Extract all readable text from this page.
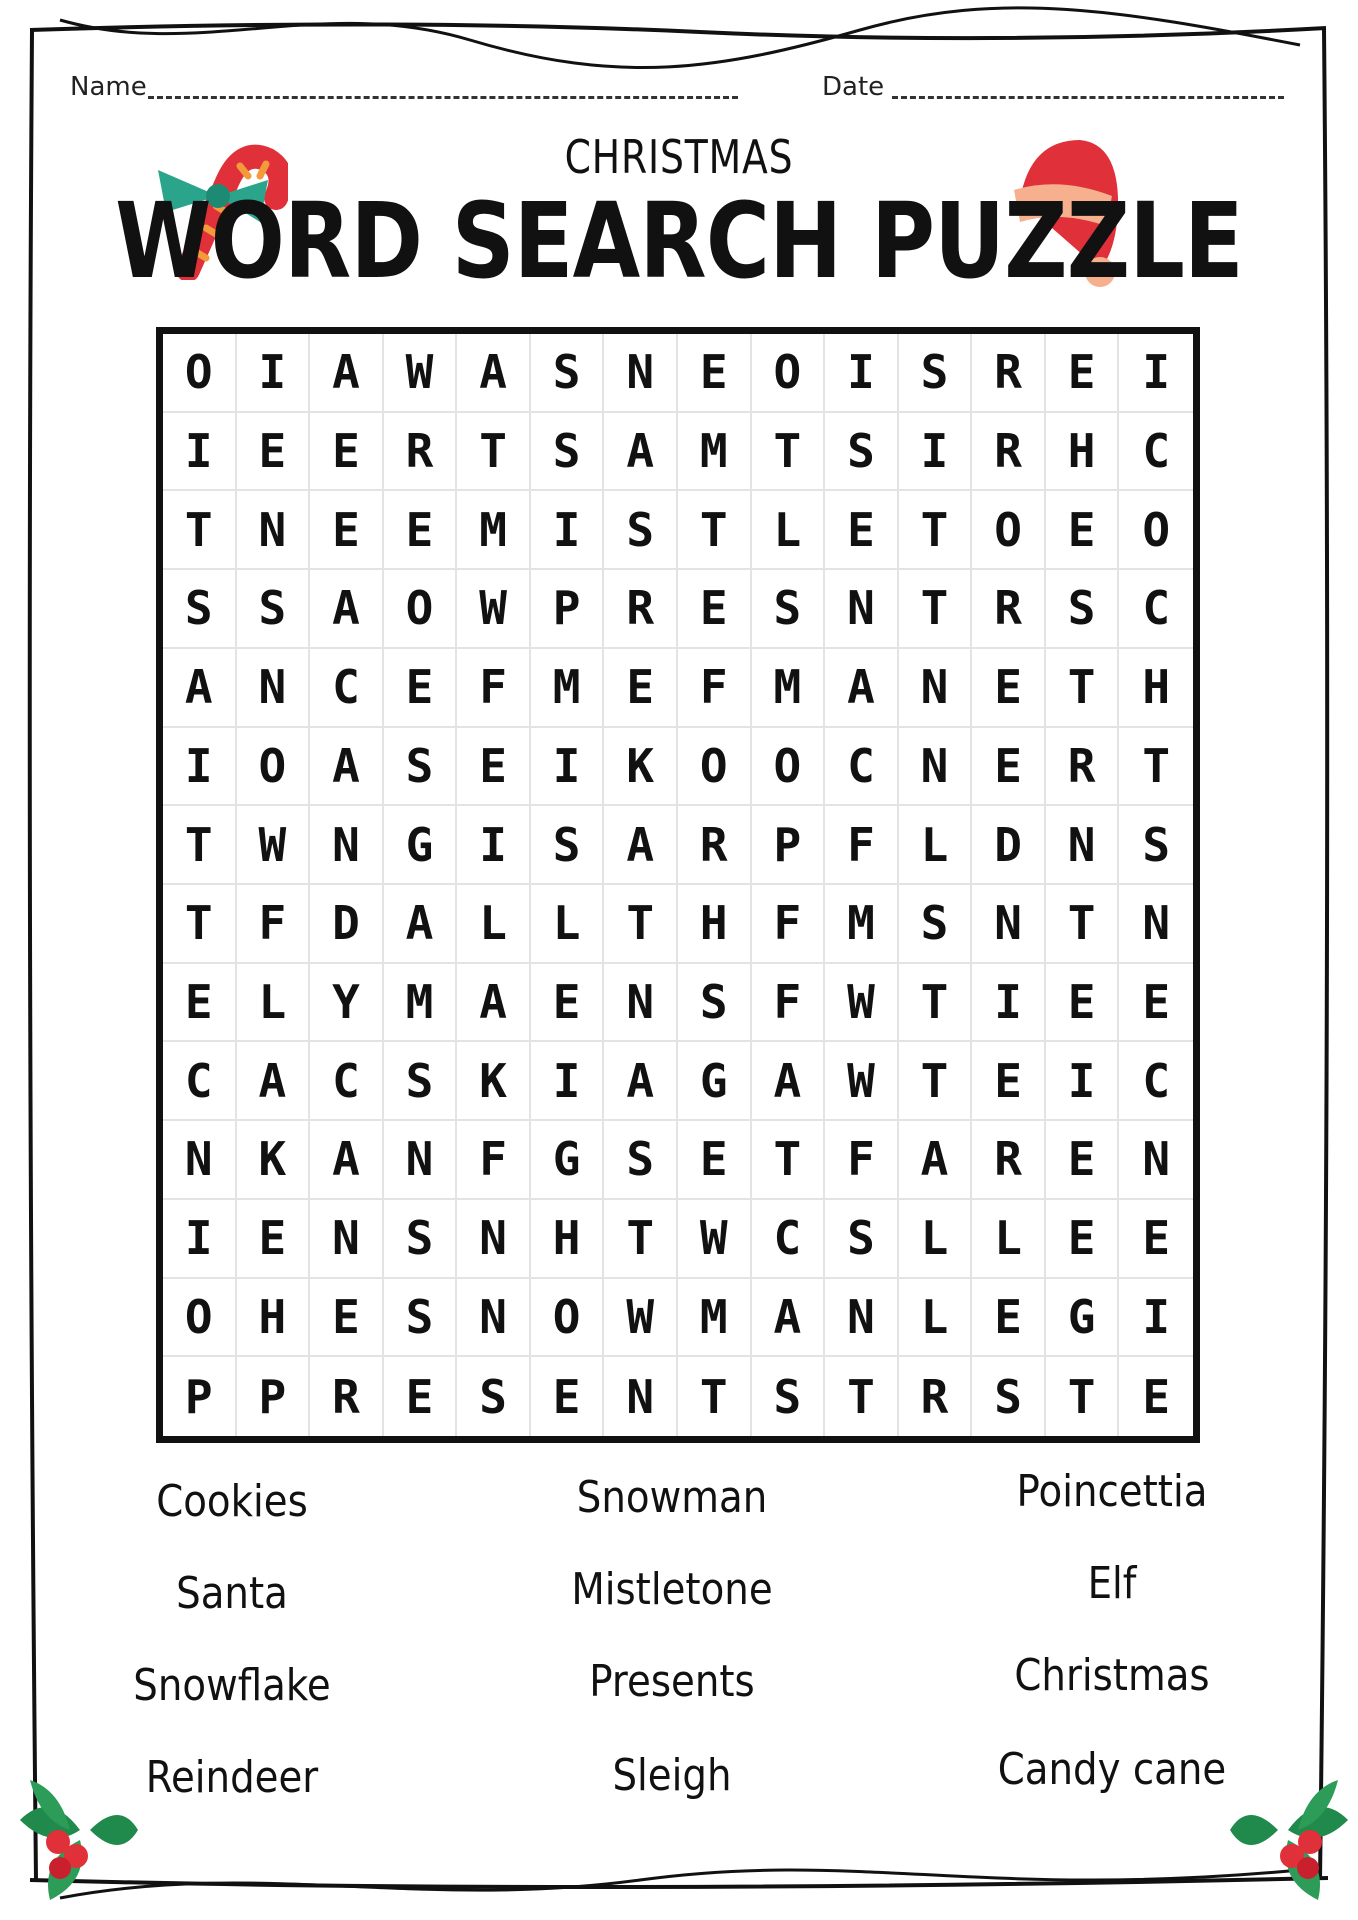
Name	Date
CHRISTMAS
WORD SEARCH PUZZLE
O I A W A S N E O I S R E	I
I E E R T S A M T S I R H	C
T N E E M I S T L E T O E	O
S S A O W P R E S N T R S	C
A N C E F M E F M A N E T	H
I O A S E I K O O C N E R	T
T W N G I S A R P F L D N	S
T F D A L L T H F M S N T	N
E L Y M A E N S F W T I E	E
C A C S K I A G A W T E I	C
N K A N F G S E T F A R E	N
I E N S N H T W C S L L E	E
O H E S N O W M A N L E G	I
P P R E S E N T S T R S T	E
Cookies	Snowman	Poincettia
Santa	Mistletone	Elf
Snowflake	Presents	Christmas
Reindeer	Sleigh	Candy cane
